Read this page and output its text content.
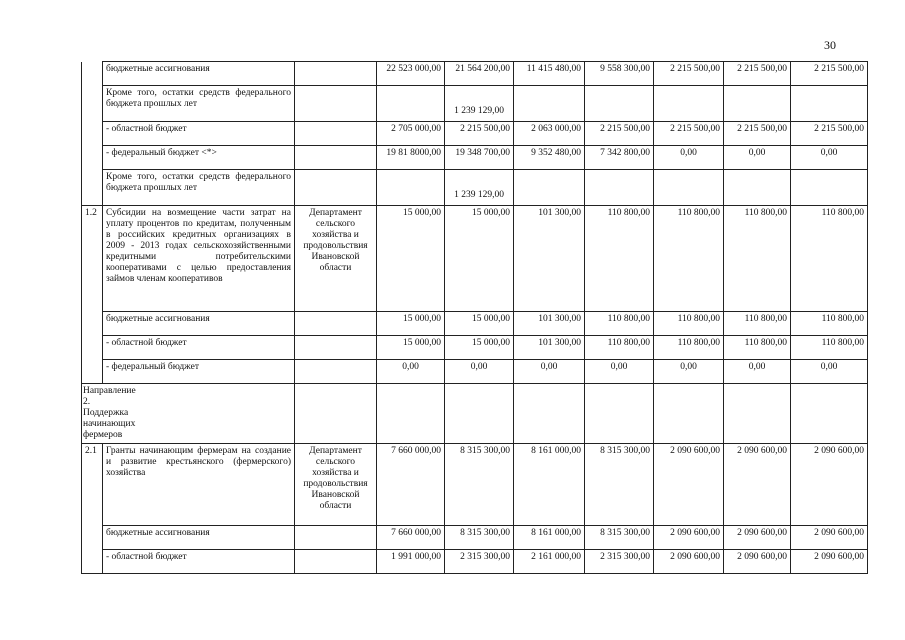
30
	бюджетные ассигнования		22 523 000,00	21 564 200,00	11 415 480,00	9 558 300,00	2 215 500,00	2 215 500,00	2 215 500,00
	Кроме того, остатки средств федерального бюджета прошлых лет			1 239 129,00					
	- областной бюджет		2 705 000,00	2 215 500,00	2 063 000,00	2 215 500,00	2 215 500,00	2 215 500,00	2 215 500,00
	- федеральный бюджет <*>		19 81 8000,00	19 348 700,00	9 352 480,00	7 342 800,00	0,00	0,00	0,00
	Кроме того, остатки средств федерального бюджета прошлых лет			1 239 129,00					
1.2	Субсидии на возмещение части затрат на уплату процентов по кредитам, полученным в российских кредитных организациях в 2009 - 2013 годах сельскохозяйственными кредитными потребительскими кооперативами с целью предоставления займов членам кооперативов	Департамент сельского хозяйства и продовольствия Ивановской области	15 000,00	15 000,00	101 300,00	110 800,00	110 800,00	110 800,00	110 800,00
	бюджетные ассигнования		15 000,00	15 000,00	101 300,00	110 800,00	110 800,00	110 800,00	110 800,00
	- областной бюджет		15 000,00	15 000,00	101 300,00	110 800,00	110 800,00	110 800,00	110 800,00
	- федеральный бюджет		0,00	0,00	0,00	0,00	0,00	0,00	0,00
Направление 2. Поддержка начинающих фермеров									
2.1	Гранты начинающим фермерам на создание и развитие крестьянского (фермерского) хозяйства	Департамент сельского хозяйства и продовольствия Ивановской области	7 660 000,00	8 315 300,00	8 161 000,00	8 315 300,00	2 090 600,00	2 090 600,00	2 090 600,00
	бюджетные ассигнования		7 660 000,00	8 315 300,00	8 161 000,00	8 315 300,00	2 090 600,00	2 090 600,00	2 090 600,00
	- областной бюджет		1 991 000,00	2 315 300,00	2 161 000,00	2 315 300,00	2 090 600,00	2 090 600,00	2 090 600,00
